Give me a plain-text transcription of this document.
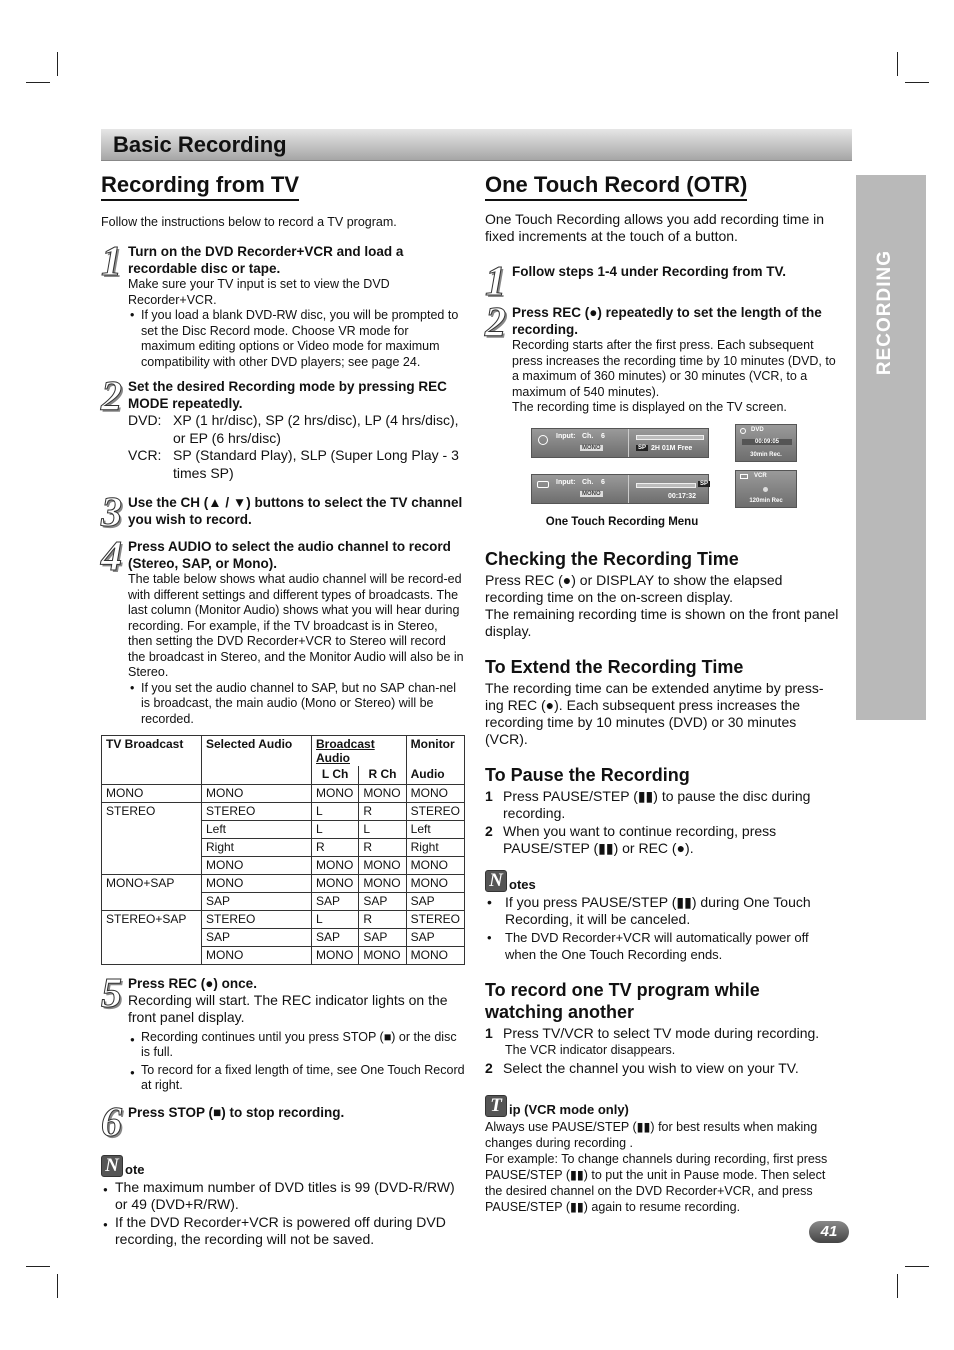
Basic Recording
RECORDING
Recording from TV
Follow the instructions below to record a TV program.
1 Turn on the DVD Recorder+VCR and load a recordable disc or tape.
Make sure your TV input is set to view the DVD Recorder+VCR.
• If you load a blank DVD-RW disc, you will be prompted to set the Disc Record mode. Choose VR mode for maximum editing options or Video mode for maximum compatibility with other DVD players; see page 24.
2 Set the desired Recording mode by pressing REC MODE repeatedly.
DVD: XP (1 hr/disc), SP (2 hrs/disc), LP (4 hrs/disc), or EP (6 hrs/disc)
VCR: SP (Standard Play), SLP (Super Long Play - 3 times SP)
3 Use the CH (▲ / ▼) buttons to select the TV channel you wish to record.
4 Press AUDIO to select the audio channel to record (Stereo, SAP, or Mono).
The table below shows what audio channel will be record-ed with different settings and different types of broadcasts. The last column (Monitor Audio) shows what you will hear during recording. For example, if the TV broadcast is in Stereo, then setting the DVD Recorder+VCR to Stereo will record the broadcast in Stereo, and the Monitor Audio will also be in Stereo.
• If you set the audio channel to SAP, but no SAP chan-nel is broadcast, the main audio (Mono or Stereo) will be recorded.
TV Broadcast	Selected Audio	Broadcast Audio		Monitor
		L Ch	R Ch	Audio
MONO	MONO	MONO	MONO	MONO
STEREO	STEREO	L	R	STEREO
	Left	L	L	Left
	Right	R	R	Right
	MONO	MONO	MONO	MONO
MONO+SAP	MONO	MONO	MONO	MONO
	SAP	SAP	SAP	SAP
STEREO+SAP	STEREO	L	R	STEREO
	SAP	SAP	SAP	SAP
	MONO	MONO	MONO	MONO
5 Press REC (●) once.
Recording will start. The REC indicator lights on the front panel display.
● Recording continues until you press STOP (■) or the disc is full.
● To record for a fixed length of time, see One Touch Record at right.
6 Press STOP (■) to stop recording.
N ote
● The maximum number of DVD titles is 99 (DVD-R/RW) or 49 (DVD+R/RW).
● If the DVD Recorder+VCR is powered off during DVD recording, the recording will not be saved.
One Touch Record (OTR)
One Touch Recording allows you add recording time in fixed increments at the touch of a button.
1 Follow steps 1-4 under Recording from TV.
2 Press REC (●) repeatedly to set the length of the recording.
Recording starts after the first press. Each subsequent press increases the recording time by 10 minutes (DVD, to a maximum of 360 minutes) or 30 minutes (VCR, to a maximum of 540 minutes).
The recording time is displayed on the TV screen.
Input: Ch. 6
MONO	SP 2H 01M Free
Input: Ch. 6
MONO
SP
00:17:32
DVD
00:09:05
30min Rec.
VCR
120min Rec
One Touch Recording Menu
Checking the Recording Time
Press REC (●) or DISPLAY to show the elapsed recording time on the on-screen display.
The remaining recording time is shown on the front panel display.
To Extend the Recording Time
The recording time can be extended anytime by press-ing REC (●). Each subsequent press increases the recording time by 10 minutes (DVD) or 30 minutes (VCR).
To Pause the Recording
1 Press PAUSE/STEP (▮▮) to pause the disc during recording.
2 When you want to continue recording, press PAUSE/STEP (▮▮) or REC (●).
N otes
• If you press PAUSE/STEP (▮▮) during One Touch Recording, it will be canceled.
• The DVD Recorder+VCR will automatically power off when the One Touch Recording ends.
To record one TV program while watching another
1 Press TV/VCR to select TV mode during recording.
The VCR indicator disappears.
2 Select the channel you wish to view on your TV.
T ip (VCR mode only)
Always use PAUSE/STEP (▮▮) for best results when making changes during recording .
For example: To change channels during recording, first press PAUSE/STEP (▮▮) to put the unit in Pause mode. Then select the desired channel on the DVD Recorder+VCR, and press PAUSE/STEP (▮▮) again to resume recording.
41
